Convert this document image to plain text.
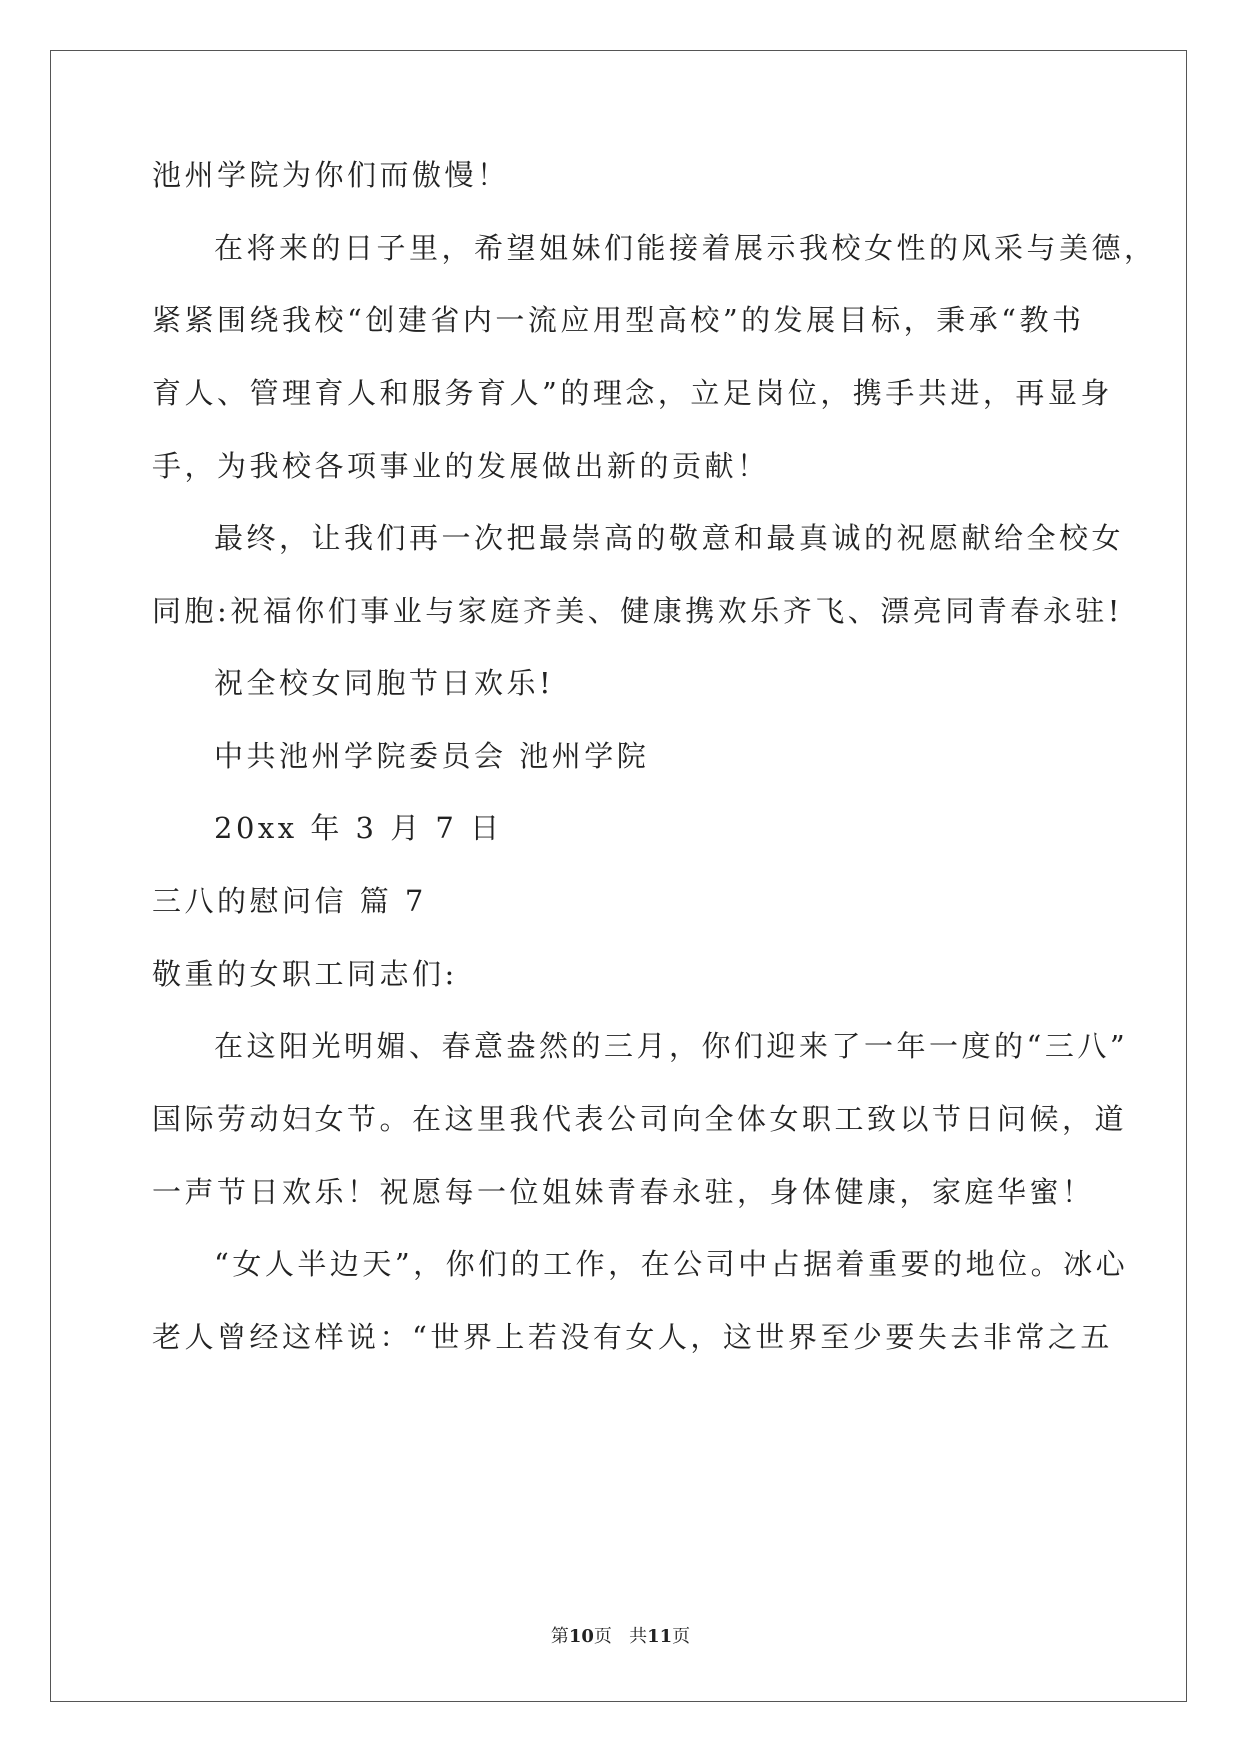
池州学院为你们而傲慢！
在将来的日子里，希望姐妹们能接着展示我校女性的风采与美德，
紧紧围绕我校“创建省内一流应用型高校”的发展目标，秉承“教书
育人、管理育人和服务育人”的理念，立足岗位，携手共进，再显身
手，为我校各项事业的发展做出新的贡献！
最终，让我们再一次把最崇高的敬意和最真诚的祝愿献给全校女
同胞:祝福你们事业与家庭齐美、健康携欢乐齐飞、漂亮同青春永驻!
祝全校女同胞节日欢乐!
中共池州学院委员会 池州学院
20xx 年 3 月 7 日
三八的慰问信 篇 7
敬重的女职工同志们:
在这阳光明媚、春意盎然的三月，你们迎来了一年一度的“三八”
国际劳动妇女节。在这里我代表公司向全体女职工致以节日问候，道
一声节日欢乐！祝愿每一位姐妹青春永驻，身体健康，家庭华蜜！
“女人半边天”，你们的工作，在公司中占据着重要的地位。冰心
老人曾经这样说：“世界上若没有女人，这世界至少要失去非常之五
第10页   共11页
